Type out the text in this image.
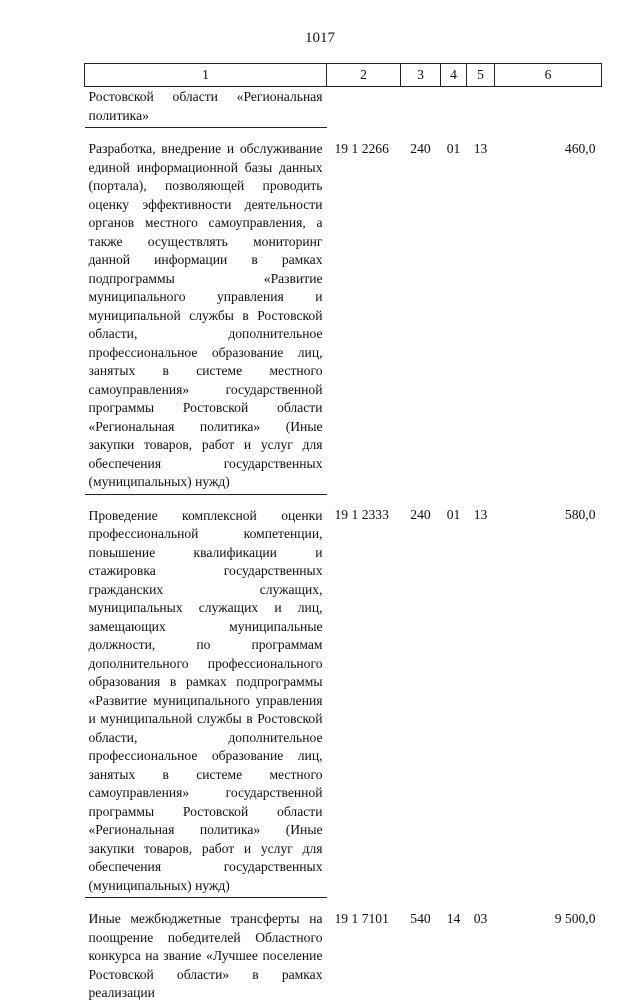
1017
1	2	3	4	5	6
Ростовской области «Региональная политика»					
Разработка, внедрение и обслуживание единой информационной базы данных (портала), позволяющей проводить оценку эффективности деятельности органов местного самоуправления, а также осуществлять мониторинг данной информации в рамках подпрограммы «Развитие муниципального управления и муниципальной службы в Ростовской области, дополнительное профессиональное образование лиц, занятых в системе местного самоуправления» государственной программы Ростовской области «Региональная политика» (Иные закупки товаров, работ и услуг для обеспечения государственных (муниципальных) нужд)	19 1 2266	240	01	13	460,0
Проведение комплексной оценки профессиональной компетенции, повышение квалификации и стажировка государственных гражданских служащих, муниципальных служащих и лиц, замещающих муниципальные должности, по программам дополнительного профессионального образования в рамках подпрограммы «Развитие муниципального управления и муниципальной службы в Ростовской области, дополнительное профессиональное образование лиц, занятых в системе местного самоуправления» государственной программы Ростовской области «Региональная политика» (Иные закупки товаров, работ и услуг для обеспечения государственных (муниципальных) нужд)	19 1 2333	240	01	13	580,0
Иные межбюджетные трансферты на поощрение победителей Областного конкурса на звание «Лучшее поселение Ростовской области» в рамках реализации	19 1 7101	540	14	03	9 500,0
